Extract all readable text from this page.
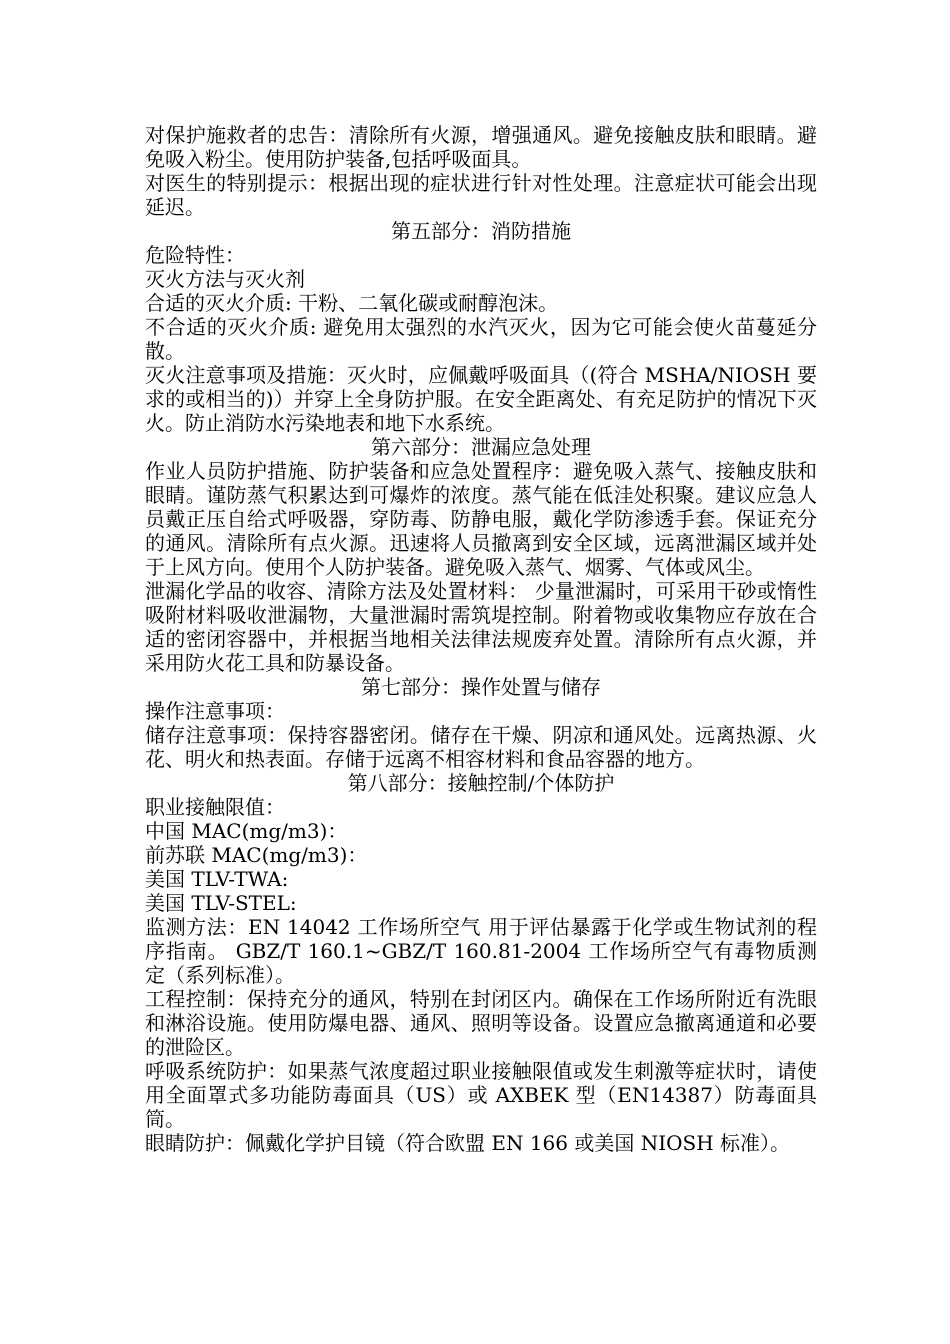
对保护施救者的忠告：清除所有火源，增强通风。避免接触皮肤和眼睛。避免吸入粉尘。使用防护装备,包括呼吸面具。

对医生的特别提示：根据出现的症状进行针对性处理。注意症状可能会出现延迟。

第五部分：消防措施

危险特性：

灭火方法与灭火剂

合适的灭火介质: 干粉、二氧化碳或耐醇泡沫。

不合适的灭火介质: 避免用太强烈的水汽灭火，因为它可能会使火苗蔓延分散。

灭火注意事项及措施：灭火时，应佩戴呼吸面具（(符合 MSHA/NIOSH 要求的或相当的)）并穿上全身防护服。在安全距离处、有充足防护的情况下灭火。防止消防水污染地表和地下水系统。

第六部分：泄漏应急处理

作业人员防护措施、防护装备和应急处置程序：避免吸入蒸气、接触皮肤和眼睛。谨防蒸气积累达到可爆炸的浓度。蒸气能在低洼处积聚。建议应急人员戴正压自给式呼吸器，穿防毒、防静电服，戴化学防渗透手套。保证充分的通风。清除所有点火源。迅速将人员撤离到安全区域，远离泄漏区域并处于上风方向。使用个人防护装备。避免吸入蒸气、烟雾、气体或风尘。

泄漏化学品的收容、清除方法及处置材料： 少量泄漏时，可采用干砂或惰性吸附材料吸收泄漏物，大量泄漏时需筑堤控制。附着物或收集物应存放在合适的密闭容器中，并根据当地相关法律法规废弃处置。清除所有点火源，并采用防火花工具和防暴设备。

第七部分：操作处置与储存

操作注意事项：

储存注意事项：保持容器密闭。储存在干燥、阴凉和通风处。远离热源、火花、明火和热表面。存储于远离不相容材料和食品容器的地方。

第八部分：接触控制/个体防护

职业接触限值：

中国 MAC(mg/m3)：

前苏联 MAC(mg/m3)：

美国 TLV-TWA:

美国 TLV-STEL:

监测方法：EN 14042 工作场所空气 用于评估暴露于化学或生物试剂的程序指南。 GBZ/T 160.1~GBZ/T 160.81-2004 工作场所空气有毒物质测定（系列标准）。

工程控制：保持充分的通风，特别在封闭区内。确保在工作场所附近有洗眼和淋浴设施。使用防爆电器、通风、照明等设备。设置应急撤离通道和必要的泄险区。

呼吸系统防护：如果蒸气浓度超过职业接触限值或发生刺激等症状时，请使用全面罩式多功能防毒面具（US）或 AXBEK 型（EN14387）防毒面具筒。

眼睛防护：佩戴化学护目镜（符合欧盟 EN 166 或美国 NIOSH 标准）。
